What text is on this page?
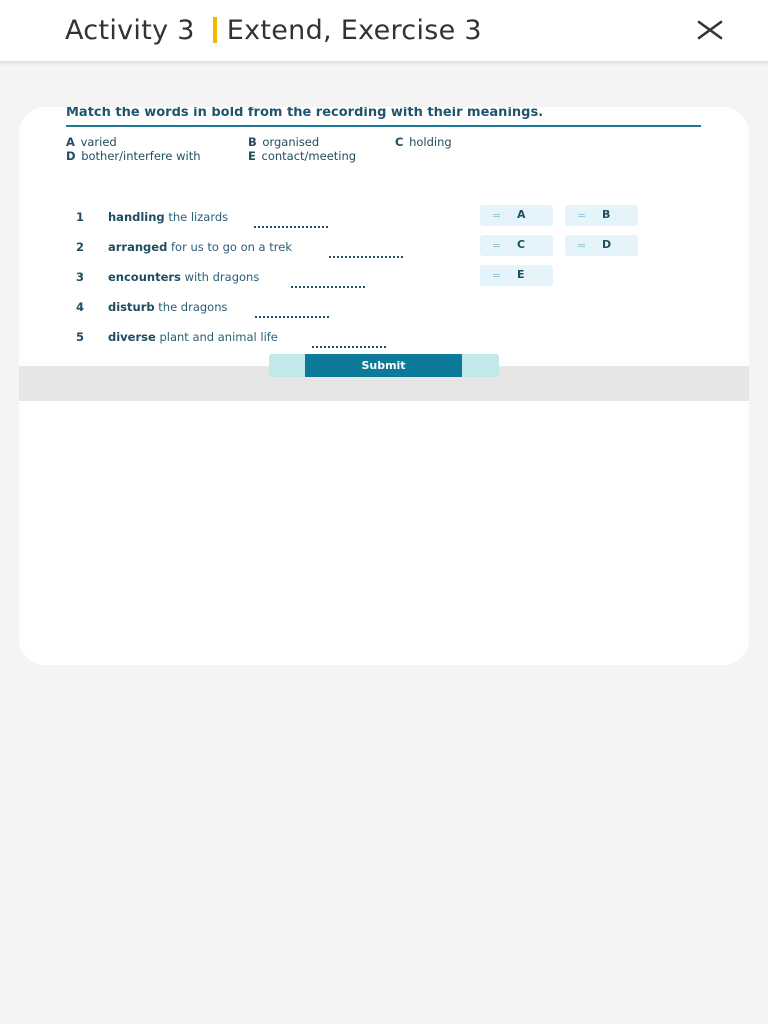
Activity 3 Extend, Exercise 3
Match the words in bold from the recording with their meanings.
A varied	B organised	C holding
D bother/interfere with	E contact/meeting
1	handling the lizards
2	arranged for us to go on a trek
3	encounters with dragons
4	disturb the dragons
5	diverse plant and animal life
A	B
C	D
E
Submit
